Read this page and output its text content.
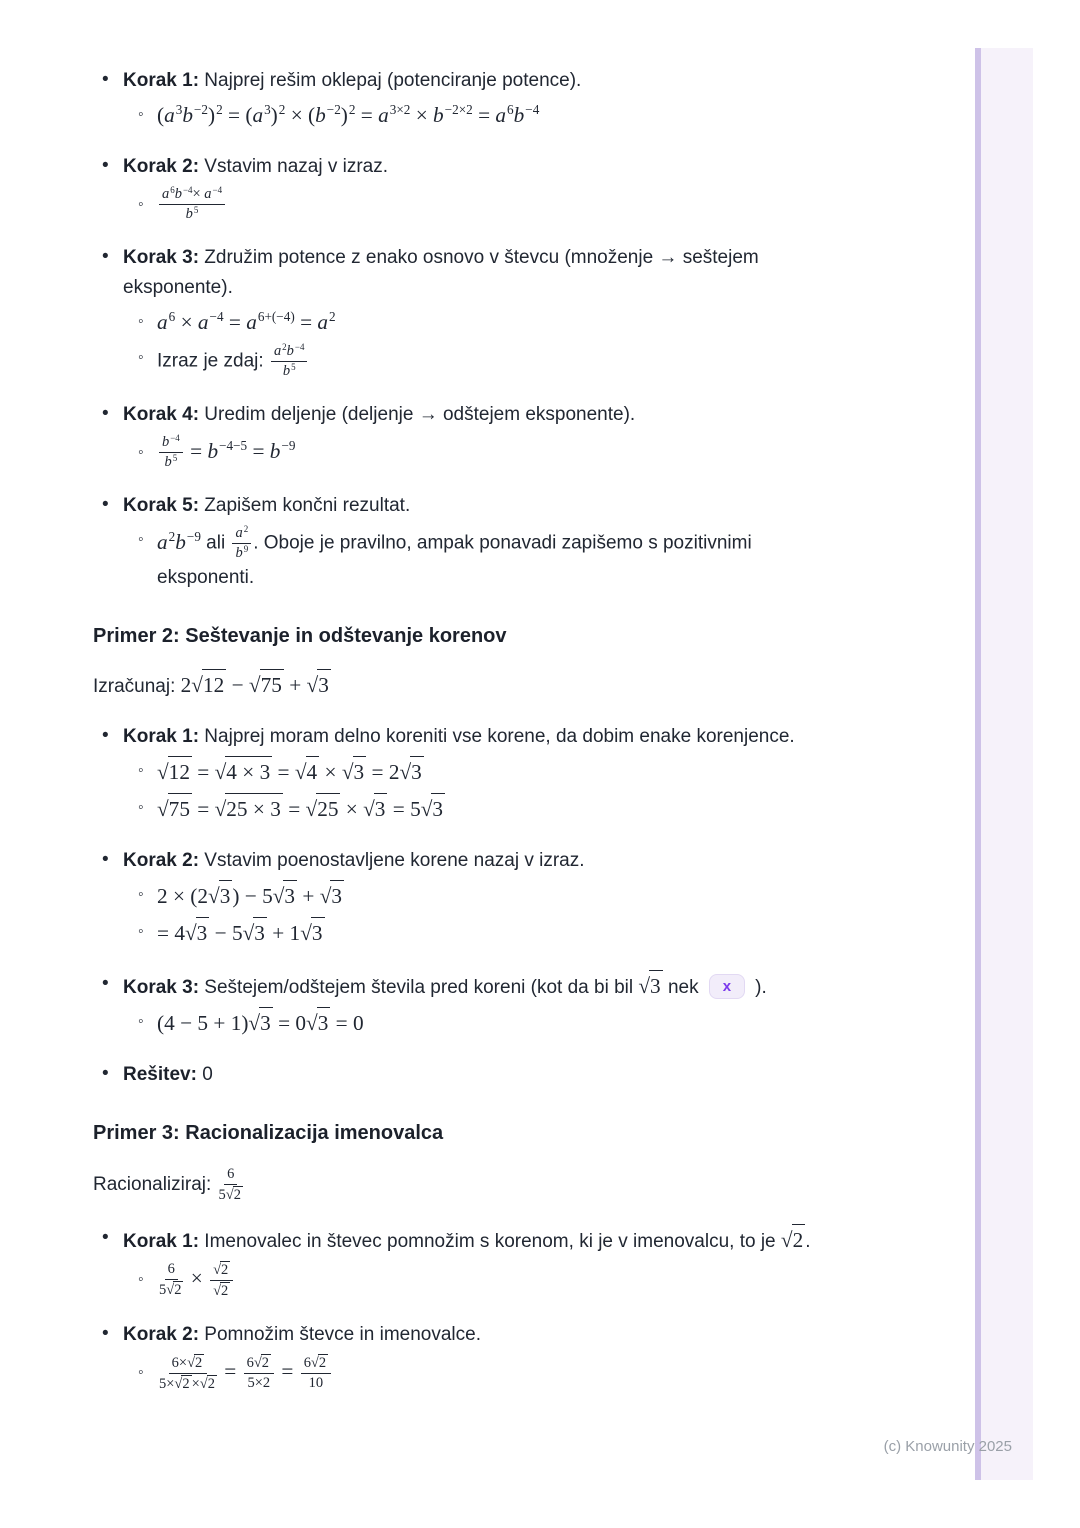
• Korak 1: Najprej rešim oklepaj (potenciranje potence).
◦ $(a^3b^{-2})^2 = (a^3)^2 \times (b^{-2})^2 = a^{3\times 2} \times b^{-2\times 2} = a^6b^{-4}$
• Korak 2: Vstavim nazaj v izraz.
◦ $\frac{a^6b^{-4}\times a^{-4}}{b^5}$
• Korak 3: Združim potence z enako osnovo v števcu (množenje → seštejem eksponente).
◦ $a^6 \times a^{-4} = a^{6+(-4)} = a^2$
◦ Izraz je zdaj: $\frac{a^2b^{-4}}{b^5}$
• Korak 4: Uredim deljenje (deljenje → odštejem eksponente).
◦ $\frac{b^{-4}}{b^5} = b^{-4-5} = b^{-9}$
• Korak 5: Zapišem končni rezultat.
◦ $a^2b^{-9}$ ali $\frac{a^2}{b^9}$ . Oboje je pravilno, ampak ponavadi zapišemo s pozitivnimi eksponenti.
Primer 2: Seštevanje in odštevanje korenov
Izračunaj: 2√12 − √75 + √3
• Korak 1: Najprej moram delno koreniti vse korene, da dobim enake korenjence.
◦ √12 = √4 × 3 = √4 × √3 = 2√3
◦ √75 = √25 × 3 = √25 × √3 = 5√3
• Korak 2: Vstavim poenostavljene korene nazaj v izraz.
◦ 2 × (2√3) − 5√3 + √3
◦ = 4√3 − 5√3 + 1√3
• Korak 3: Seštejem/odštejem števila pred koreni (kot da bi bil √3 nek x ).
◦ (4 − 5 + 1)√3 = 0√3 = 0
• Rešitev: 0
Primer 3: Racionalizacija imenovalca
Racionaliziraj: $\frac{6}{5√2}$
• Korak 1: Imenovalec in števec pomnožim s korenom, ki je v imenovalcu, to je √2 .
◦ $\frac{6}{5√2} \times \frac{√2}{√2}$
• Korak 2: Pomnožim števce in imenovalce.
◦ $\frac{6\times√2}{5\times√2 \times√2} = \frac{6√2}{5\times 2} = \frac{6√2}{10}$
(c) Knowunity 2025
